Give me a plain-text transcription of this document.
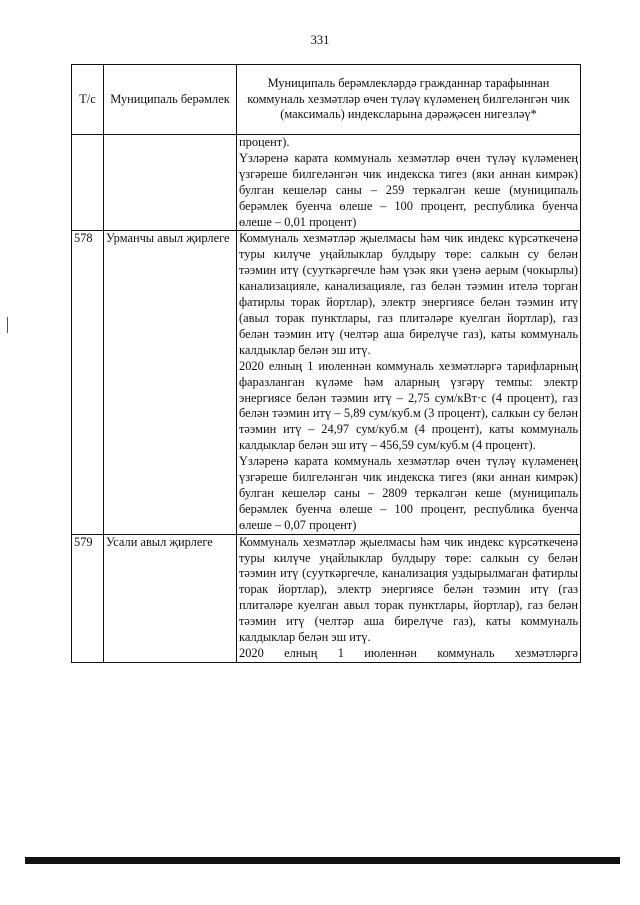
331
Т/с	Муниципаль берәмлек	Муниципаль берәмлекләрдә гражданнар тарафыннан коммуналь хезмәтләр өчен түләү күләменең билгеләнгән чик (максималь) индексларына дәрәҗәсен нигезләү*

		процент).

Үзләренә карата коммуналь хезмәтләр өчен түләү күләменең үзгәреше билгеләнгән чик индекска тигез (яки аннан кимрәк) булган кешеләр саны – 259 теркәлгән кеше (муниципаль берәмлек буенча өлеше – 100 процент, республика буенча өлеше – 0,01 процент)

578	Урманчы авыл җирлеге	Коммуналь хезмәтләр җыелмасы һәм чик индекс күрсәткеченә туры килүче уңайлыклар булдыру төре: салкын су белән тәэмин итү (сууткәргечле һәм үзәк яки үзенә аерым (чокырлы) канализацияле, канализацияле, газ белән тәэмин ителә торган фатирлы торак йортлар), электр энергиясе белән тәэмин итү (авыл торак пунктлары, газ плитәләре куелган йортлар), газ белән тәэмин итү (челтәр аша бирелүче газ), каты коммуналь калдыклар белән эш итү.

2020 елның 1 июленнән коммуналь хезмәтләргә тарифларның фаразланган күләме һәм аларның үзгәрү темпы: электр энергиясе белән тәэмин итү – 2,75 сум/кВт·с (4 процент), газ белән тәэмин итү – 5,89 сум/куб.м (3 процент), салкын су белән тәэмин итү – 24,97 сум/куб.м (4 процент), каты коммуналь калдыклар белән эш итү – 456,59 сум/куб.м (4 процент).

Үзләренә карата коммуналь хезмәтләр өчен түләү күләменең үзгәреше билгеләнгән чик индекска тигез (яки аннан кимрәк) булган кешеләр саны – 2809 теркәлгән кеше (муниципаль берәмлек буенча өлеше – 100 процент, республика буенча өлеше – 0,07 процент)

579	Усали авыл җирлеге	Коммуналь хезмәтләр җыелмасы һәм чик индекс күрсәткеченә туры килүче уңайлыклар булдыру төре: салкын су белән тәэмин итү (сууткәргечле, канализация уздырылмаган фатирлы торак йортлар), электр энергиясе белән тәэмин итү (газ плитәләре куелган авыл торак пунктлары, йортлар), газ белән тәэмин итү (челтәр аша бирелүче газ), каты коммуналь калдыклар белән эш итү.

2020 елның 1 июленнән коммуналь хезмәтләргә
